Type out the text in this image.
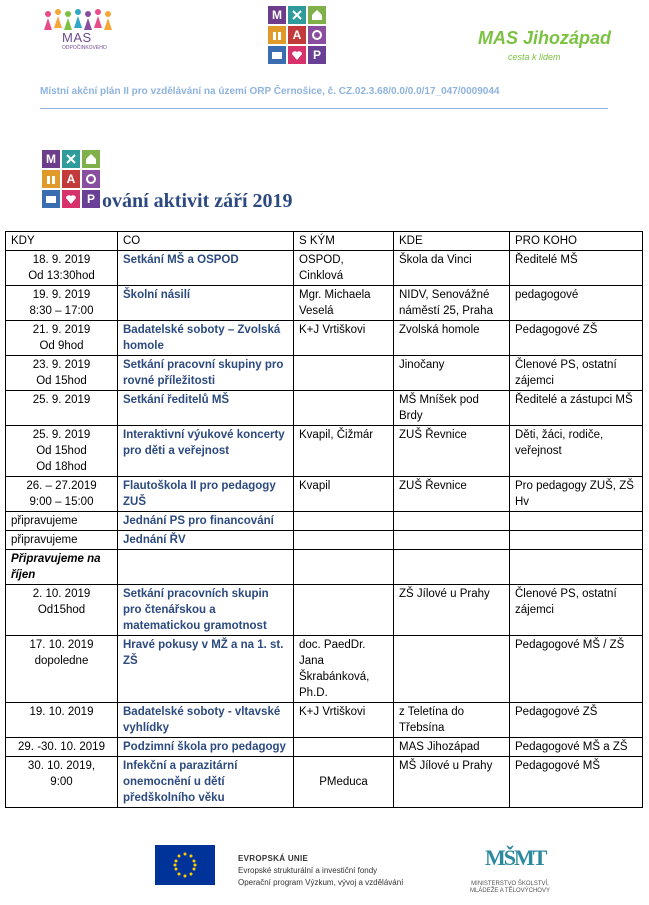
MAS
ODPOČINKOVÉHO
M
A
P
MAS Jihozápad
cesta k lidem
Místní akční plán II pro vzdělávání na území ORP Černošice, č. CZ.02.3.68/0.0/0.0/17_047/0009044
M
A
P ování aktivit září 2019
KDY	CO	S KÝM	KDE	PRO KOHO

18. 9. 2019
Od 13:30hod	Setkání MŠ a OSPOD	OSPOD, Cinklová	Škola da Vinci	Ředitelé MŠ

19. 9. 2019
8:30 – 17:00	Školní násilí	Mgr. Michaela Veselá	NIDV, Senovážné náměstí 25, Praha	pedagogové

21. 9. 2019
Od 9hod	Badatelské soboty – Zvolská homole	K+J Vrtiškovi	Zvolská homole	Pedagogové ZŠ

23. 9. 2019
Od 15hod	Setkání pracovní skupiny pro rovné příležitosti		Jinočany	Členové PS, ostatní zájemci

25. 9. 2019	Setkání ředitelů MŠ		MŠ Mníšek pod Brdy	Ředitelé a zástupci MŠ

25. 9. 2019
Od 15hod
Od 18hod	Interaktivní výukové koncerty pro děti a veřejnost	Kvapil, Čižmár	ZUŠ Řevnice	Děti, žáci, rodiče, veřejnost

26. – 27.2019
9:00 – 15:00	Flautoškola II pro pedagogy ZUŠ	Kvapil	ZUŠ Řevnice	Pro pedagogy ZUŠ, ZŠ Hv

připravujeme	Jednání PS pro financování			

připravujeme	Jednání ŘV			

Připravujeme na říjen				

2. 10. 2019
Od15hod	Setkání pracovních skupin pro čtenářskou a matematickou gramotnost		ZŠ Jílové u Prahy	Členové PS, ostatní zájemci

17. 10. 2019
dopoledne	Hravé pokusy v MŽ a na 1. st. ZŠ	doc. PaedDr. Jana Škrabánková, Ph.D.		Pedagogové MŠ / ZŠ

19. 10. 2019	Badatelské soboty - vltavské vyhlídky	K+J Vrtiškovi	z Teletína do Třebsína	Pedagogové ZŠ

29. -30. 10. 2019	Podzimní škola pro pedagogy		MAS Jihozápad	Pedagogové MŠ a ZŠ

30. 10. 2019,
9:00	Infekční a parazitární onemocnění u dětí předškolního věku	PMeduca	MŠ Jílové u Prahy	Pedagogové MŠ
EVROPSKÁ UNIE
Evropské strukturální a investiční fondy
Operační program Výzkum, vývoj a vzdělávání
MŠMT
MINISTERSTVO ŠKOLSTVÍ,
MLÁDEŽE A TĚLOVÝCHOVY
